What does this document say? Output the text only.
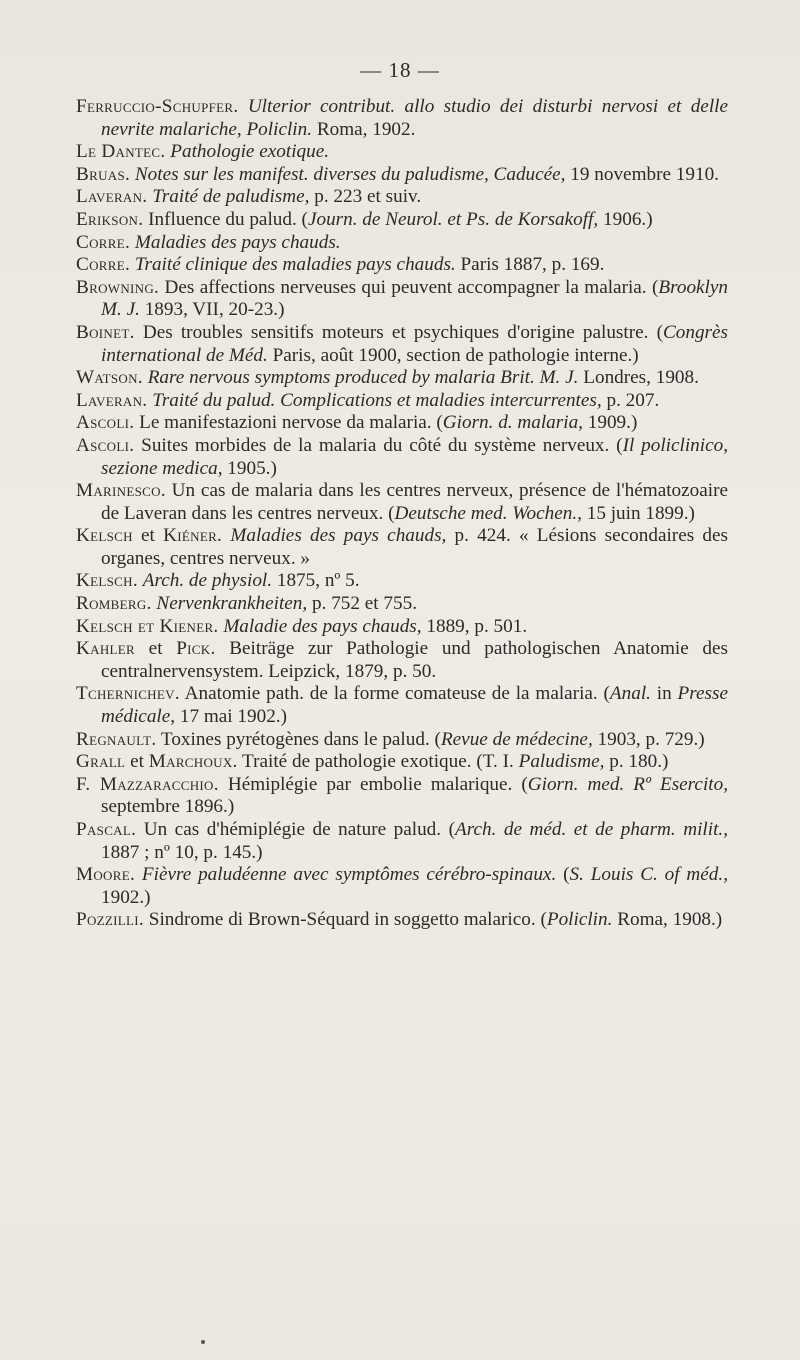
— 18 —
Ferruccio-Schupfer. Ulterior contribut. allo studio dei disturbi nervosi et delle nevrite malariche, Policlin. Roma, 1902.
Le Dantec. Pathologie exotique.
Bruas. Notes sur les manifest. diverses du paludisme, Caducée, 19 novembre 1910.
Laveran. Traité de paludisme, p. 223 et suiv.
Erikson. Influence du palud. (Journ. de Neurol. et Ps. de Korsakoff, 1906.)
Corre. Maladies des pays chauds.
Corre. Traité clinique des maladies pays chauds. Paris 1887, p. 169.
Browning. Des affections nerveuses qui peuvent accompagner la malaria. (Brooklyn M. J. 1893, VII, 20-23.)
Boinet. Des troubles sensitifs moteurs et psychiques d'origine palustre. (Congrès international de Méd. Paris, août 1900, section de pathologie interne.)
Watson. Rare nervous symptoms produced by malaria Brit. M. J. Londres, 1908.
Laveran. Traité du palud. Complications et maladies intercurrentes, p. 207.
Ascoli. Le manifestazioni nervose da malaria. (Giorn. d. malaria, 1909.)
Ascoli. Suites morbides de la malaria du côté du système nerveux. (Il policlinico, sezione medica, 1905.)
Marinesco. Un cas de malaria dans les centres nerveux, présence de l'hématozoaire de Laveran dans les centres nerveux. (Deutsche med. Wochen., 15 juin 1899.)
Kelsch et Kiéner. Maladies des pays chauds, p. 424. « Lésions secondaires des organes, centres nerveux. »
Kelsch. Arch. de physiol. 1875, nº 5.
Romberg. Nervenkrankheiten, p. 752 et 755.
Kelsch et Kiener. Maladie des pays chauds, 1889, p. 501.
Kahler et Pick. Beiträge zur Pathologie und pathologischen Anatomie des centralnervensystem. Leipzick, 1879, p. 50.
Tchernichev. Anatomie path. de la forme comateuse de la malaria. (Anal. in Presse médicale, 17 mai 1902.)
Regnault. Toxines pyrétogènes dans le palud. (Revue de médecine, 1903, p. 729.)
Grall et Marchoux. Traité de pathologie exotique. (T. I. Paludisme, p. 180.)
F. Mazzaracchio. Hémiplégie par embolie malarique. (Giorn. med. Rº Esercito, septembre 1896.)
Pascal. Un cas d'hémiplégie de nature palud. (Arch. de méd. et de pharm. milit., 1887 ; nº 10, p. 145.)
Moore. Fièvre paludéenne avec symptômes cérébro-spinaux. (S. Louis C. of méd., 1902.)
Pozzilli. Sindrome di Brown-Séquard in soggetto malarico. (Policlin. Roma, 1908.)
